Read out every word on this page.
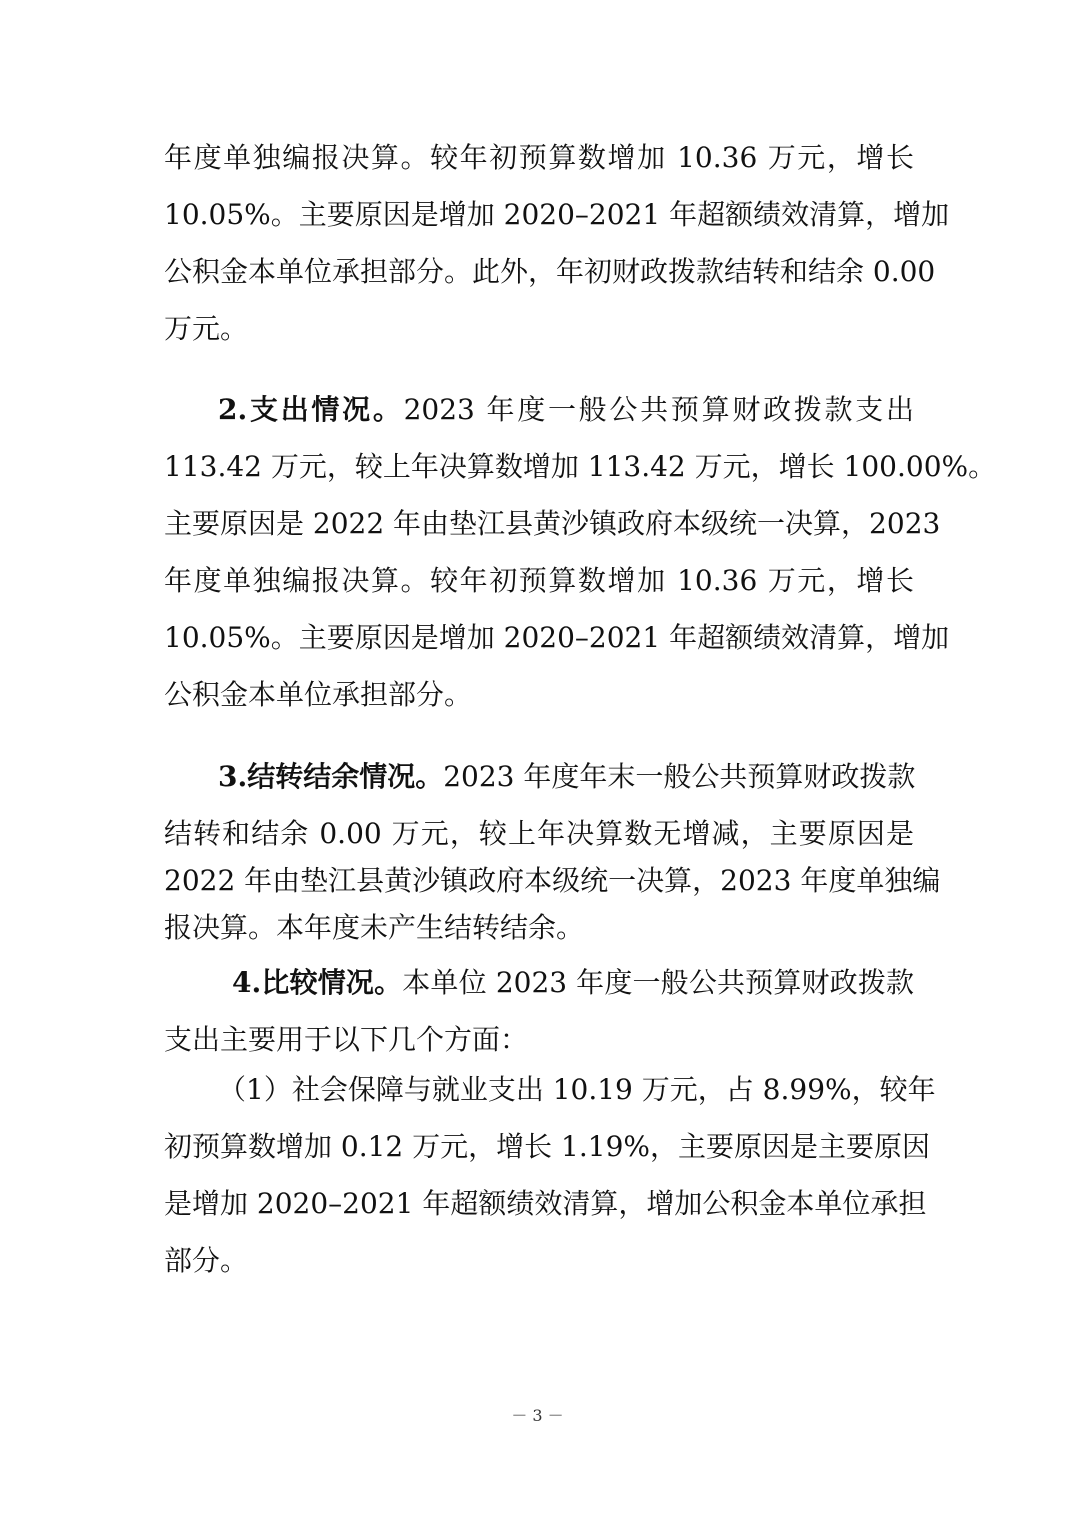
年度单独编报决算。较年初预算数增加 10.36 万元，增长
10.05%。主要原因是增加 2020–2021 年超额绩效清算，增加
公积金本单位承担部分。此外，年初财政拨款结转和结余 0.00
万元。
2.支出情况。2023 年度一般公共预算财政拨款支出
113.42 万元，较上年决算数增加 113.42 万元，增长 100.00%。
主要原因是 2022 年由垫江县黄沙镇政府本级统一决算，2023
年度单独编报决算。较年初预算数增加 10.36 万元，增长
10.05%。主要原因是增加 2020–2021 年超额绩效清算，增加
公积金本单位承担部分。
3.结转结余情况。2023 年度年末一般公共预算财政拨款
结转和结余 0.00 万元，较上年决算数无增减，主要原因是
2022 年由垫江县黄沙镇政府本级统一决算，2023 年度单独编
报决算。本年度未产生结转结余。
4.比较情况。本单位 2023 年度一般公共预算财政拨款
支出主要用于以下几个方面：
（1）社会保障与就业支出 10.19 万元，占 8.99%，较年
初预算数增加 0.12 万元，增长 1.19%，主要原因是主要原因
是增加 2020–2021 年超额绩效清算，增加公积金本单位承担
部分。
－ 3 －
